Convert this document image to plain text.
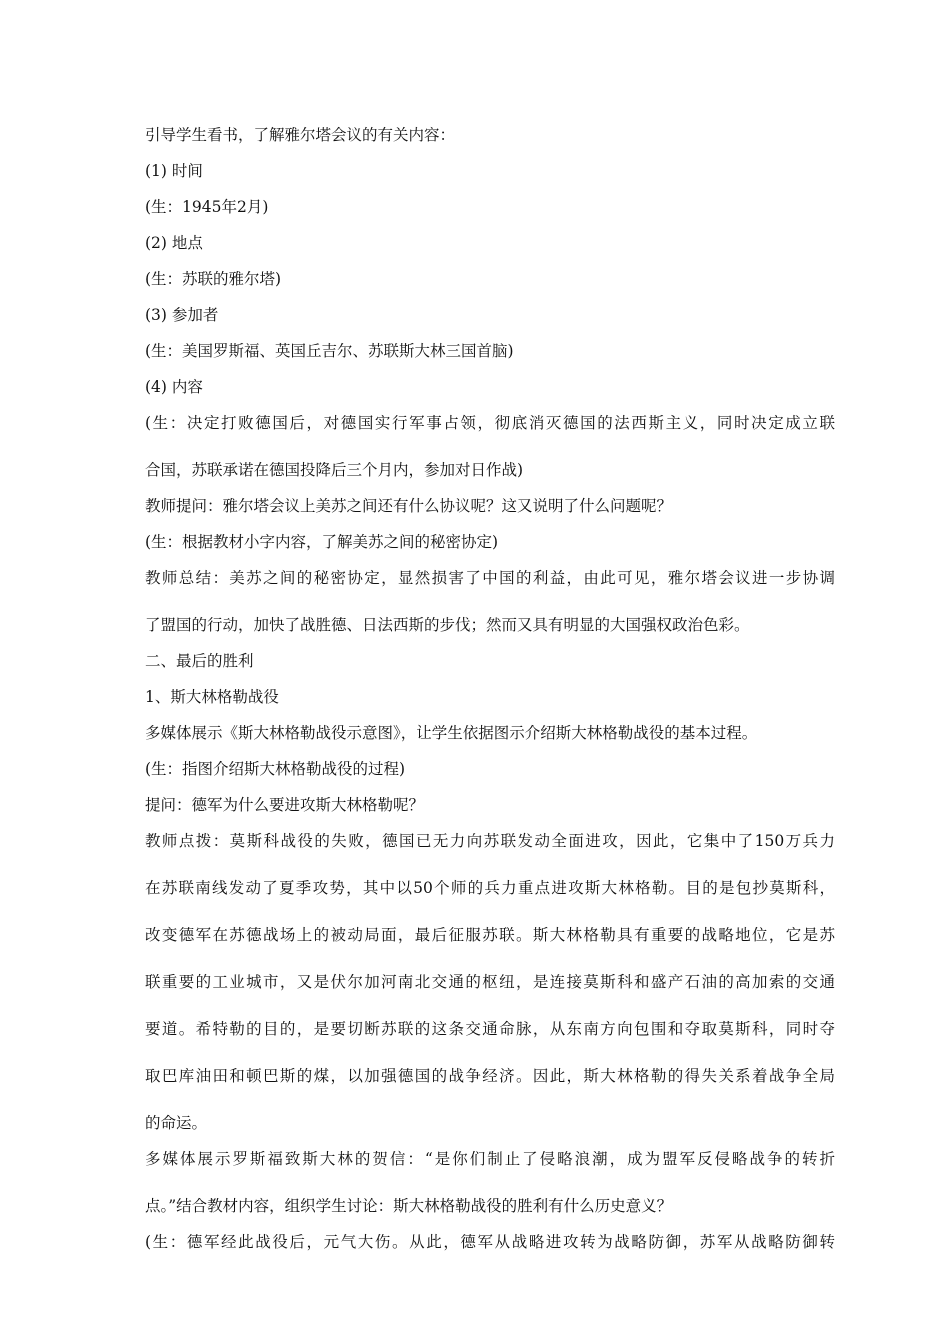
引导学生看书，了解雅尔塔会议的有关内容：

(1) 时间

(生：1945年2月)

(2) 地点

(生：苏联的雅尔塔)

(3) 参加者

(生：美国罗斯福、英国丘吉尔、苏联斯大林三国首脑)

(4) 内容

(生：决定打败德国后，对德国实行军事占领，彻底消灭德国的法西斯主义，同时决定成立联

合国，苏联承诺在德国投降后三个月内，参加对日作战)

教师提问：雅尔塔会议上美苏之间还有什么协议呢？这又说明了什么问题呢？

(生：根据教材小字内容，了解美苏之间的秘密协定)

教师总结：美苏之间的秘密协定，显然损害了中国的利益，由此可见，雅尔塔会议进一步协调

了盟国的行动，加快了战胜德、日法西斯的步伐；然而又具有明显的大国强权政治色彩。

二、最后的胜利

1、斯大林格勒战役

多媒体展示《斯大林格勒战役示意图》，让学生依据图示介绍斯大林格勒战役的基本过程。

(生：指图介绍斯大林格勒战役的过程)

提问：德军为什么要进攻斯大林格勒呢？

教师点拨：莫斯科战役的失败，德国已无力向苏联发动全面进攻，因此，它集中了150万兵力

在苏联南线发动了夏季攻势，其中以50个师的兵力重点进攻斯大林格勒。目的是包抄莫斯科，

改变德军在苏德战场上的被动局面，最后征服苏联。斯大林格勒具有重要的战略地位，它是苏

联重要的工业城市，又是伏尔加河南北交通的枢纽，是连接莫斯科和盛产石油的高加索的交通

要道。希特勒的目的，是要切断苏联的这条交通命脉，从东南方向包围和夺取莫斯科，同时夺

取巴库油田和顿巴斯的煤，以加强德国的战争经济。因此，斯大林格勒的得失关系着战争全局

的命运。

多媒体展示罗斯福致斯大林的贺信：“是你们制止了侵略浪潮，成为盟军反侵略战争的转折

点。”结合教材内容，组织学生讨论：斯大林格勒战役的胜利有什么历史意义？

(生：德军经此战役后，元气大伤。从此，德军从战略进攻转为战略防御，苏军从战略防御转
